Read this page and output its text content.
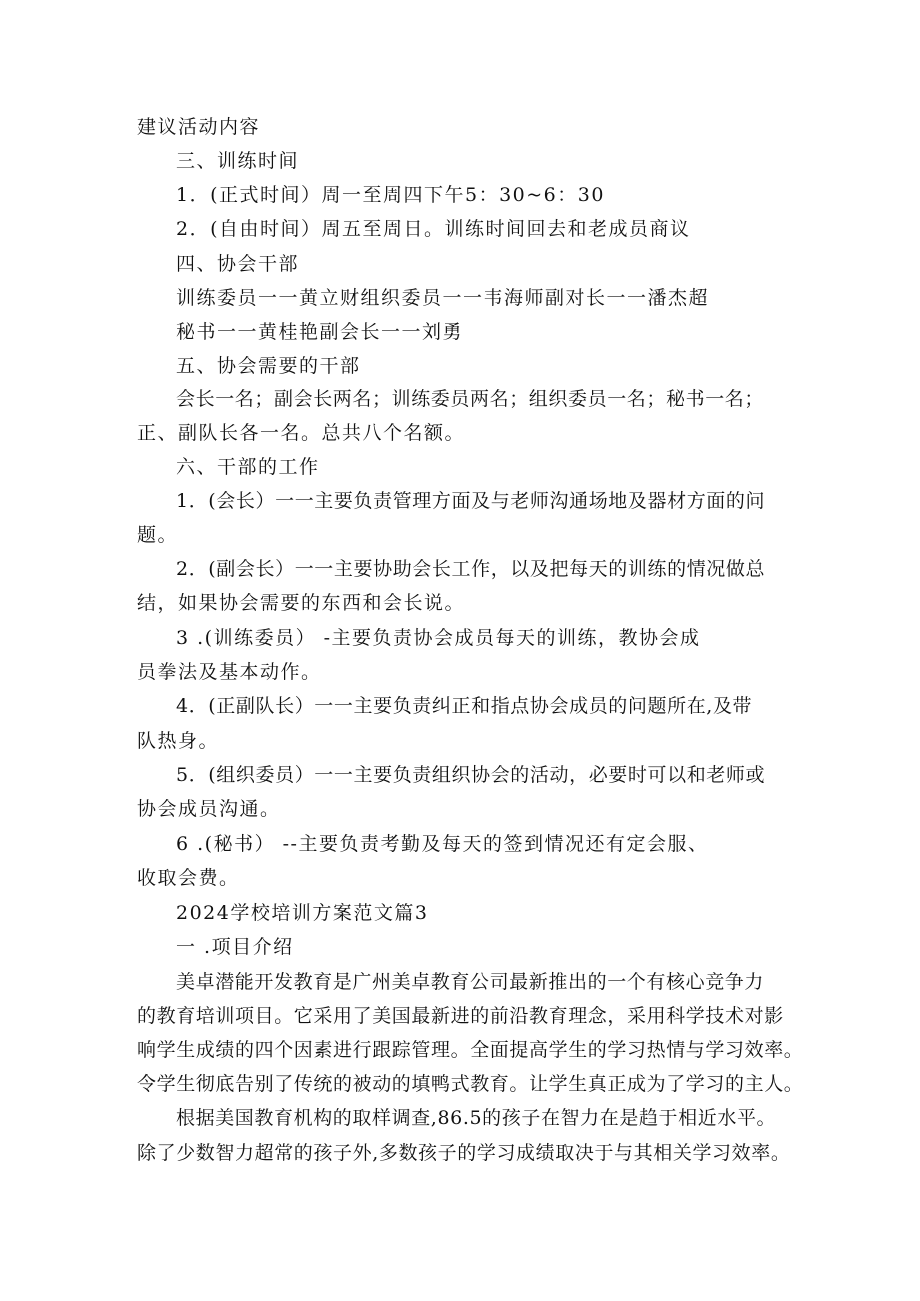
建议活动内容
三、训练时间
1．(正式时间）周一至周四下午5：30~6：30
2．(自由时间）周五至周日。训练时间回去和老成员商议
四、协会干部
训练委员一一黄立财组织委员一一韦海师副对长一一潘杰超
秘书一一黄桂艳副会长一一刘勇
五、协会需要的干部
会长一名；副会长两名；训练委员两名；组织委员一名；秘书一名；
正、副队长各一名。总共八个名额。
六、干部的工作
1．(会长）一一主要负责管理方面及与老师沟通场地及器材方面的问
题。
2．(副会长）一一主要协助会长工作，以及把每天的训练的情况做总
结，如果协会需要的东西和会长说。
3 .(训练委员） -主要负责协会成员每天的训练，教协会成
员拳法及基本动作。
4．(正副队长）一一主要负责纠正和指点协会成员的问题所在,及带
队热身。
5．(组织委员）一一主要负责组织协会的活动，必要时可以和老师或
协会成员沟通。
6 .(秘书） --主要负责考勤及每天的签到情况还有定会服、
收取会费。
2024学校培训方案范文篇3
一 .项目介绍
美卓潜能开发教育是广州美卓教育公司最新推出的一个有核心竞争力
的教育培训项目。它采用了美国最新进的前沿教育理念，采用科学技术对影
响学生成绩的四个因素进行跟踪管理。全面提高学生的学习热情与学习效率。
令学生彻底告别了传统的被动的填鸭式教育。让学生真正成为了学习的主人。
根据美国教育机构的取样调查,86.5的孩子在智力在是趋于相近水平。
除了少数智力超常的孩子外,多数孩子的学习成绩取决于与其相关学习效率。
